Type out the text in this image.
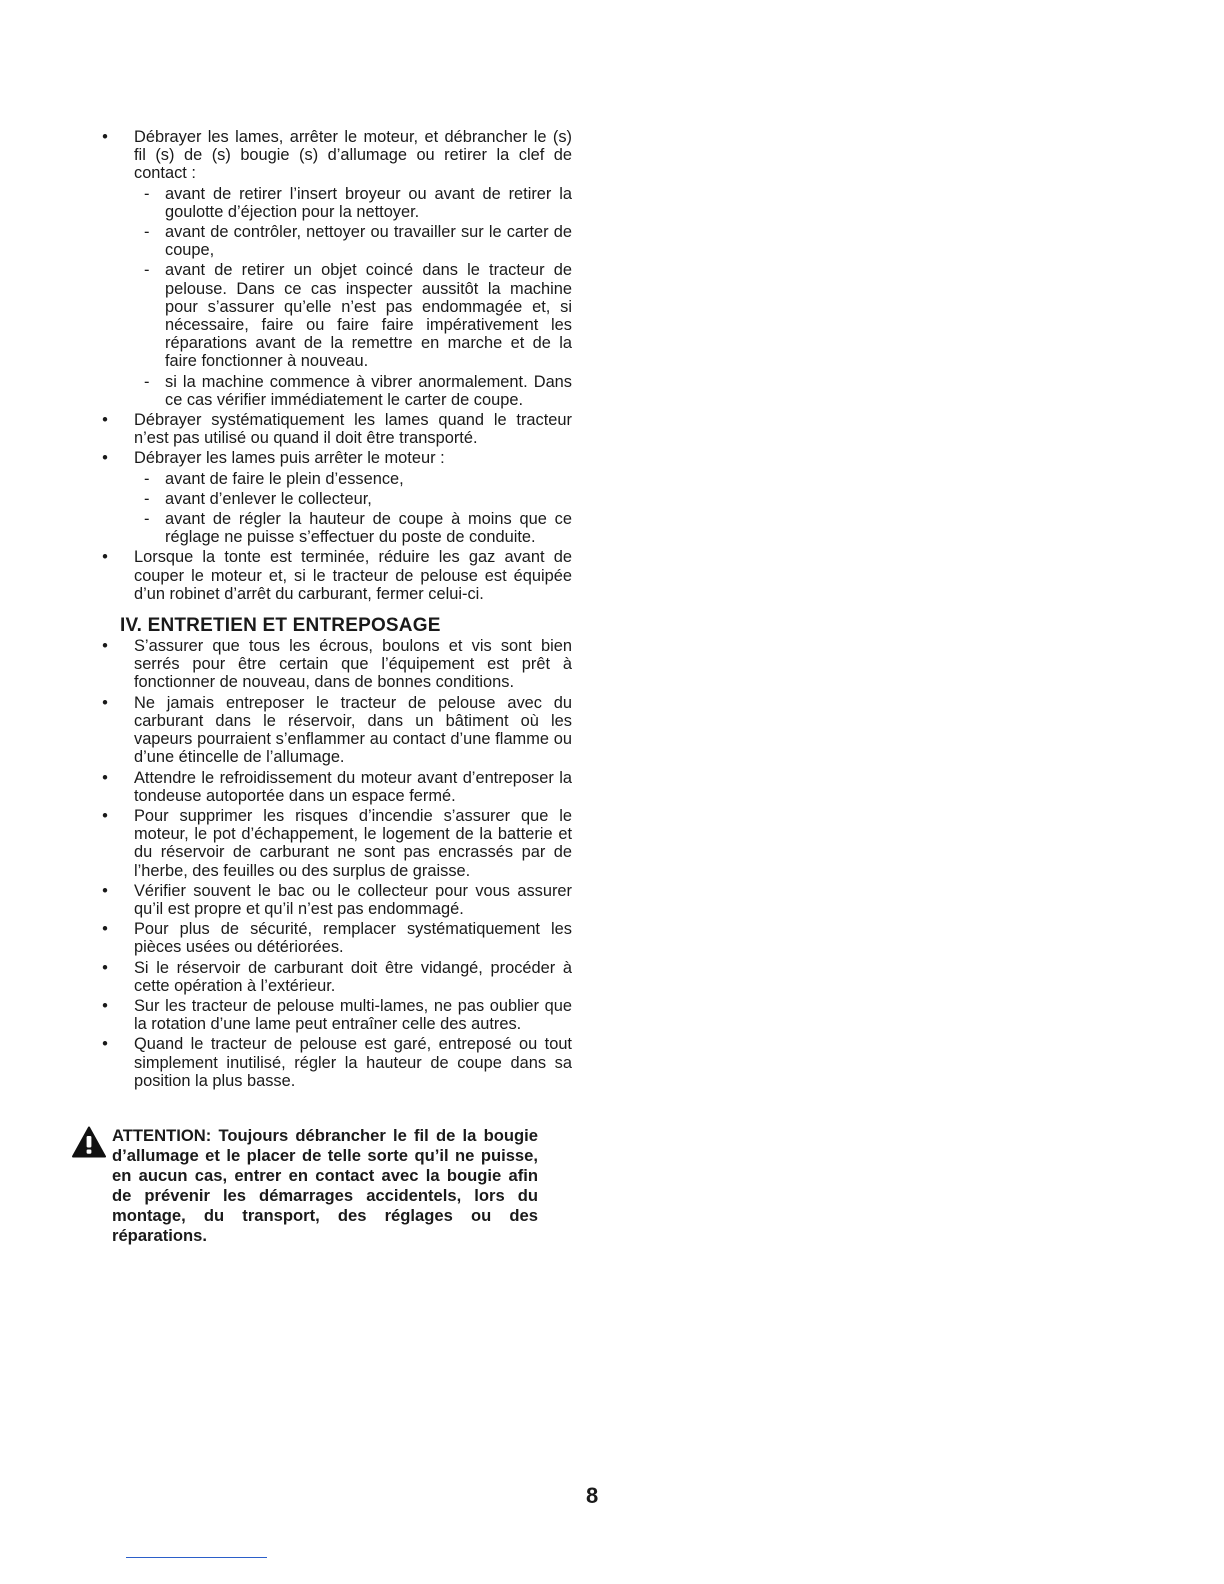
• Débrayer les lames, arrêter le moteur, et débrancher le (s) fil (s) de (s) bougie (s) d’allumage ou retirer la clef de contact :
- avant de retirer l’insert broyeur ou avant de retirer la goulotte d’éjection pour la nettoyer.
- avant de contrôler, nettoyer ou travailler sur le carter de coupe,
- avant de retirer un objet coincé dans le tracteur de pelouse. Dans ce cas inspecter aussitôt la machine pour s’assurer qu’elle n’est pas endommagée et, si nécessaire, faire ou faire faire impérativement les réparations avant de la remettre en marche et de la faire fonctionner à nouveau.
- si la machine commence à vibrer anormalement. Dans ce cas vérifier immédiatement le carter de coupe.
• Débrayer systématiquement les lames quand le tracteur n’est pas utilisé ou quand il doit être transporté.
• Débrayer les lames puis arrêter le moteur :
- avant de faire le plein d’essence,
- avant d’enlever le collecteur,
- avant de régler la hauteur de coupe à moins que ce réglage ne puisse s’effectuer du poste de conduite.
• Lorsque la tonte est terminée, réduire les gaz avant de couper le moteur et, si le tracteur de pelouse est équipée d’un robinet d’arrêt du carburant, fermer celui-ci.
IV. ENTRETIEN ET ENTREPOSAGE
• S’assurer que tous les écrous, boulons et vis sont bien serrés pour être certain que l’équipement est prêt à fonctionner de nouveau, dans de bonnes conditions.
• Ne jamais entreposer le tracteur de pelouse avec du carburant dans le réservoir, dans un bâtiment où les vapeurs pourraient s’enflammer au contact d’une flamme ou d’une étincelle de l’allumage.
• Attendre le refroidissement du moteur avant d’entreposer la tondeuse autoportée dans un espace fermé.
• Pour supprimer les risques d’incendie s’assurer que le moteur, le pot d’échappement, le logement de la batterie et du réservoir de carburant ne sont pas encrassés par de l’herbe, des feuilles ou des surplus de graisse.
• Vérifier souvent le bac ou le collecteur pour vous assurer qu’il est propre et qu’il n’est pas endommagé.
• Pour plus de sécurité, remplacer systématiquement les pièces usées ou détériorées.
• Si le réservoir de carburant doit être vidangé, procéder à cette opération à l’extérieur.
• Sur les tracteur de pelouse multi-lames, ne pas oublier que la rotation d’une lame peut entraîner celle des autres.
• Quand le tracteur de pelouse est garé, entreposé ou tout simplement inutilisé, régler la hauteur de coupe dans sa position la plus basse.
ATTENTION: Toujours débrancher le fil de la bougie d’allumage et le placer de telle sorte qu’il ne puisse, en aucun cas, entrer en contact avec la bougie afin de prévenir les démarrages accidentels, lors du montage, du transport, des réglages ou des réparations.
8
